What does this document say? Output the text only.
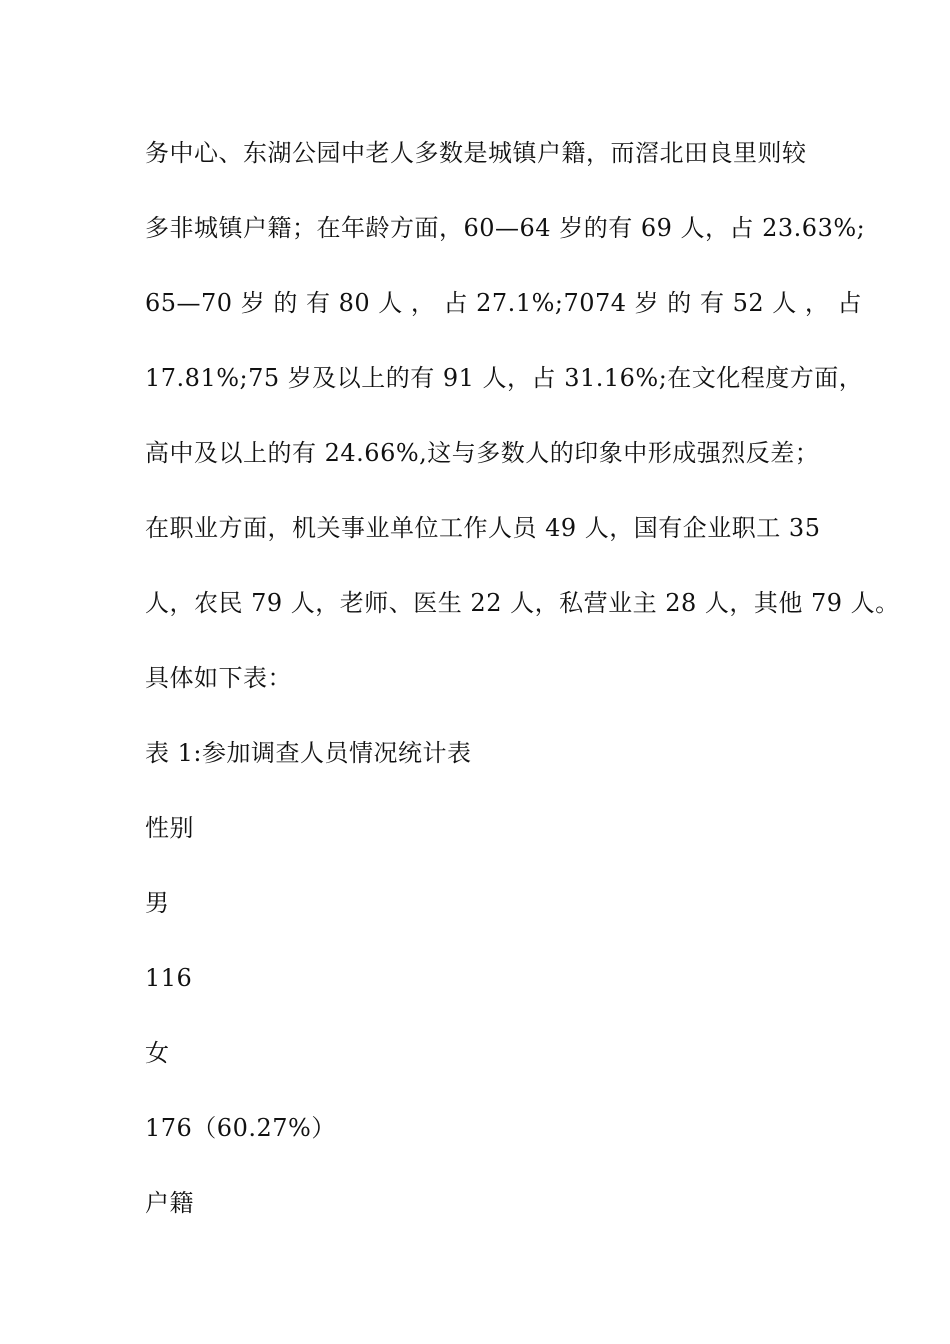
务中心、东湖公园中老人多数是城镇户籍，而滘北田良里则较
多非城镇户籍；在年龄方面，60—64 岁的有 69 人，占 23.63%;
65—70 岁 的 有 80 人 ， 占 27.1%;7074 岁 的 有 52 人 ， 占
17.81%;75 岁及以上的有 91 人，占 31.16%;在文化程度方面，
高中及以上的有 24.66%,这与多数人的印象中形成强烈反差；
在职业方面，机关事业单位工作人员 49 人，国有企业职工 35
人，农民 79 人，老师、医生 22 人，私营业主 28 人，其他 79 人。
具体如下表：
表 1:参加调查人员情况统计表
性别
男
116
女
176（60.27%）
户籍
